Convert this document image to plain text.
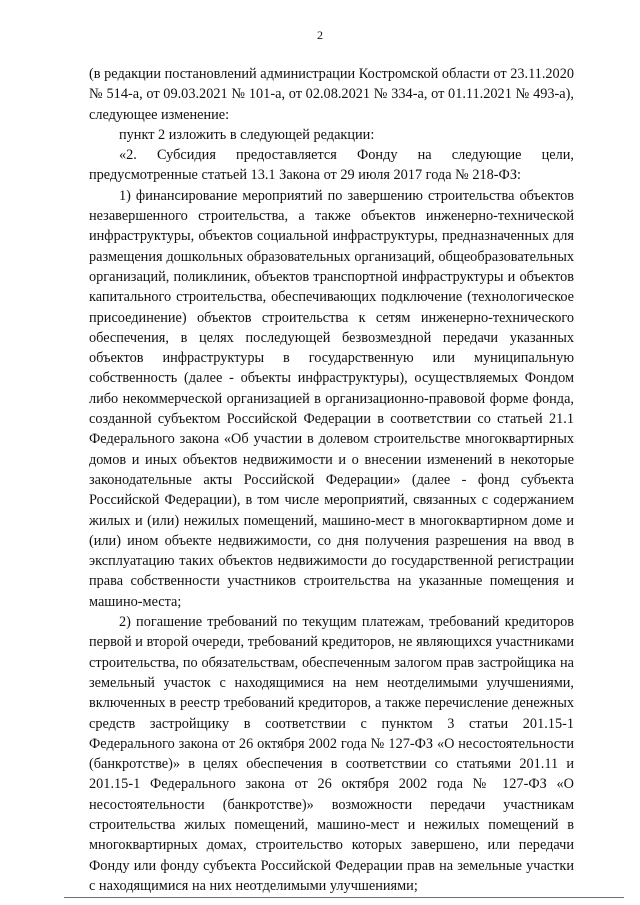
2

(в редакции постановлений администрации Костромской области от 23.11.2020 № 514-а, от 09.03.2021 № 101-а, от 02.08.2021 № 334-а, от 01.11.2021 № 493-а), следующее изменение:

пункт 2 изложить в следующей редакции:

«2. Субсидия предоставляется Фонду на следующие цели, предусмотренные статьей 13.1 Закона от 29 июля 2017 года № 218-ФЗ:

1) финансирование мероприятий по завершению строительства объектов незавершенного строительства, а также объектов инженерно-технической инфраструктуры, объектов социальной инфраструктуры, предназначенных для размещения дошкольных образовательных организаций, общеобразовательных организаций, поликлиник, объектов транспортной инфраструктуры и объектов капитального строительства, обеспечивающих подключение (технологическое присоединение) объектов строительства к сетям инженерно-технического обеспечения, в целях последующей безвозмездной передачи указанных объектов инфраструктуры в государственную или муниципальную собственность (далее - объекты инфраструктуры), осуществляемых Фондом либо некоммерческой организацией в организационно-правовой форме фонда, созданной субъектом Российской Федерации в соответствии со статьей 21.1 Федерального закона «Об участии в долевом строительстве многоквартирных домов и иных объектов недвижимости и о внесении изменений в некоторые законодательные акты Российской Федерации» (далее - фонд субъекта Российской Федерации), в том числе мероприятий, связанных с содержанием жилых и (или) нежилых помещений, машино-мест в многоквартирном доме и (или) ином объекте недвижимости, со дня получения разрешения на ввод в эксплуатацию таких объектов недвижимости до государственной регистрации права собственности участников строительства на указанные помещения и машино-места;

2) погашение требований по текущим платежам, требований кредиторов первой и второй очереди, требований кредиторов, не являющихся участниками строительства, по обязательствам, обеспеченным залогом прав застройщика на земельный участок с находящимися на нем неотделимыми улучшениями, включенных в реестр требований кредиторов, а также перечисление денежных средств застройщику в соответствии с пунктом 3 статьи 201.15-1 Федерального закона от 26 октября 2002 года № 127-ФЗ «О несостоятельности (банкротстве)» в целях обеспечения в соответствии со статьями 201.11 и 201.15-1 Федерального закона от 26 октября 2002 года № 127-ФЗ «О несостоятельности (банкротстве)» возможности передачи участникам строительства жилых помещений, машино-мест и нежилых помещений в многоквартирных домах, строительство которых завершено, или передачи Фонду или фонду субъекта Российской Федерации прав на земельные участки с находящимися на них неотделимыми улучшениями;
